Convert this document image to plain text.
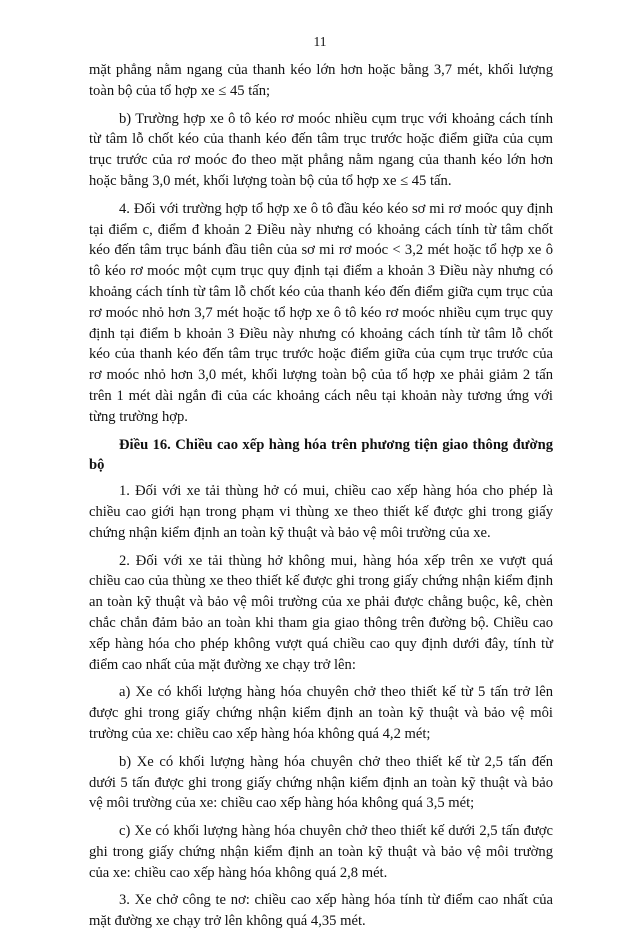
11

mặt phẳng nằm ngang của thanh kéo lớn hơn hoặc bằng 3,7 mét, khối lượng toàn bộ của tổ hợp xe ≤ 45 tấn;

b) Trường hợp xe ô tô kéo rơ moóc nhiều cụm trục với khoảng cách tính từ tâm lỗ chốt kéo của thanh kéo đến tâm trục trước hoặc điểm giữa của cụm trục trước của rơ moóc đo theo mặt phẳng nằm ngang của thanh kéo lớn hơn hoặc bằng 3,0 mét, khối lượng toàn bộ của tổ hợp xe ≤ 45 tấn.

4. Đối với trường hợp tổ hợp xe ô tô đầu kéo kéo sơ mi rơ moóc quy định tại điểm c, điểm đ khoản 2 Điều này nhưng có khoảng cách tính từ tâm chốt kéo đến tâm trục bánh đầu tiên của sơ mi rơ moóc < 3,2 mét hoặc tổ hợp xe ô tô kéo rơ moóc một cụm trục quy định tại điểm a khoản 3 Điều này nhưng có khoảng cách tính từ tâm lỗ chốt kéo của thanh kéo đến điểm giữa cụm trục của rơ moóc nhỏ hơn 3,7 mét hoặc tổ hợp xe ô tô kéo rơ moóc nhiều cụm trục quy định tại điểm b khoản 3 Điều này nhưng có khoảng cách tính từ tâm lỗ chốt kéo của thanh kéo đến tâm trục trước hoặc điểm giữa của cụm trục trước của rơ moóc nhỏ hơn 3,0 mét, khối lượng toàn bộ của tổ hợp xe phải giảm 2 tấn trên 1 mét dài ngắn đi của các khoảng cách nêu tại khoản này tương ứng với từng trường hợp.

Điều 16. Chiều cao xếp hàng hóa trên phương tiện giao thông đường bộ

1. Đối với xe tải thùng hở có mui, chiều cao xếp hàng hóa cho phép là chiều cao giới hạn trong phạm vi thùng xe theo thiết kế được ghi trong giấy chứng nhận kiểm định an toàn kỹ thuật và bảo vệ môi trường của xe.

2. Đối với xe tải thùng hở không mui, hàng hóa xếp trên xe vượt quá chiều cao của thùng xe theo thiết kế được ghi trong giấy chứng nhận kiểm định an toàn kỹ thuật và bảo vệ môi trường của xe phải được chằng buộc, kê, chèn chắc chắn đảm bảo an toàn khi tham gia giao thông trên đường bộ. Chiều cao xếp hàng hóa cho phép không vượt quá chiều cao quy định dưới đây, tính từ điểm cao nhất của mặt đường xe chạy trở lên:

a) Xe có khối lượng hàng hóa chuyên chở theo thiết kế từ 5 tấn trở lên được ghi trong giấy chứng nhận kiểm định an toàn kỹ thuật và bảo vệ môi trường của xe: chiều cao xếp hàng hóa không quá 4,2 mét;

b) Xe có khối lượng hàng hóa chuyên chở theo thiết kế từ 2,5 tấn đến dưới 5 tấn được ghi trong giấy chứng nhận kiểm định an toàn kỹ thuật và bảo vệ môi trường của xe: chiều cao xếp hàng hóa không quá 3,5 mét;

c) Xe có khối lượng hàng hóa chuyên chở theo thiết kế dưới 2,5 tấn được ghi trong giấy chứng nhận kiểm định an toàn kỹ thuật và bảo vệ môi trường của xe: chiều cao xếp hàng hóa không quá 2,8 mét.

3. Xe chở công te nơ: chiều cao xếp hàng hóa tính từ điểm cao nhất của mặt đường xe chạy trở lên không quá 4,35 mét.
